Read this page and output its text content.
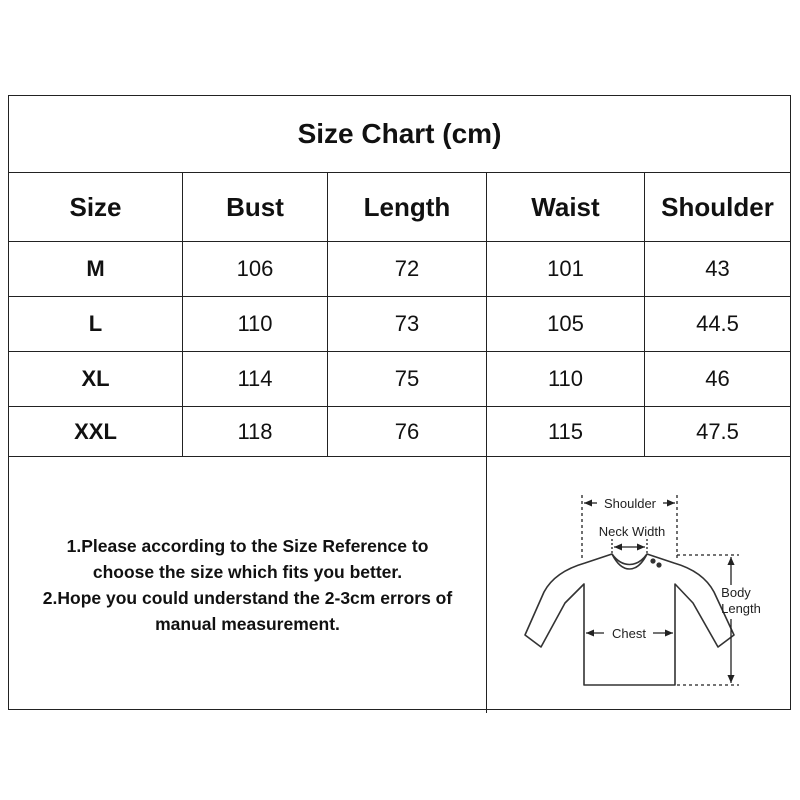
Size Chart (cm)
Size	Bust	Length	Waist	Shoulder
M	106	72	101	43
L	110	73	105	44.5
XL	114	75	110	46
XXL	118	76	115	47.5
1.Please according to the Size Reference to
choose the size which fits you better.
2.Hope you could understand the 2-3cm errors of
manual measurement.
Shoulder
Neck Width
Chest
Body
Length
